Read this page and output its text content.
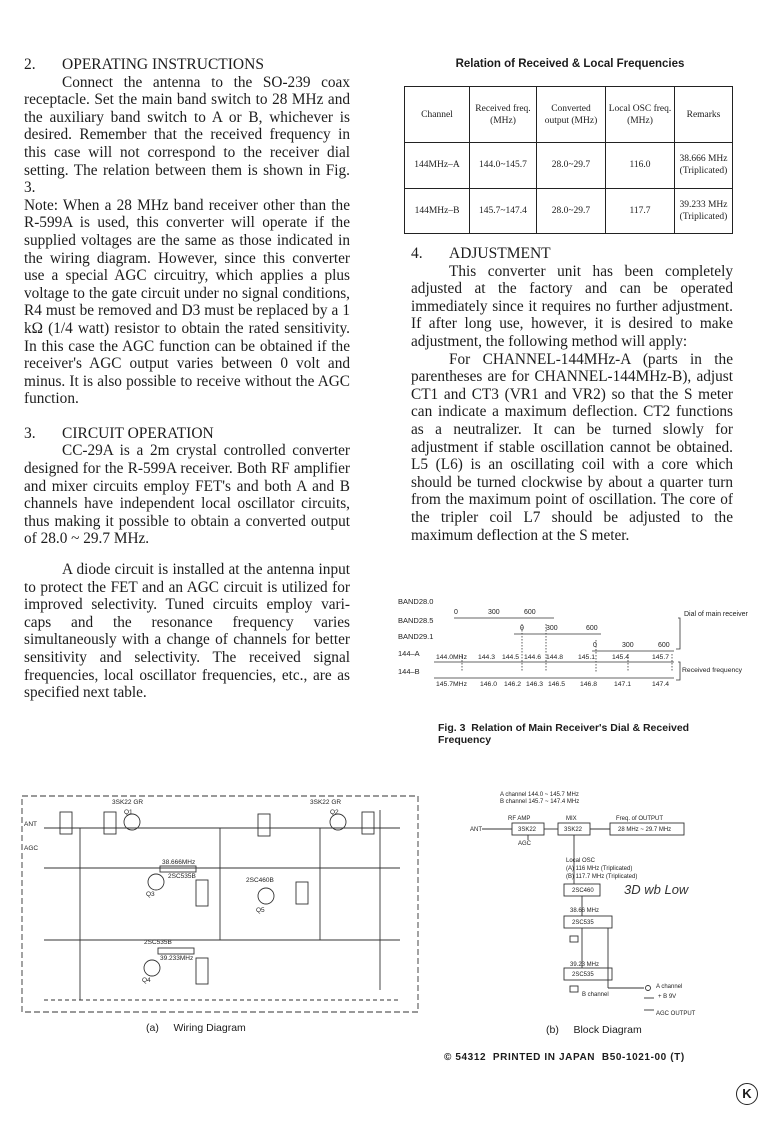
2. OPERATING INSTRUCTIONS

Connect the antenna to the SO-239 coax receptacle. Set the main band switch to 28 MHz and the auxiliary band switch to A or B, whichever is desired. Remember that the received frequency in this case will not correspond to the receiver dial setting. The relation between them is shown in Fig. 3.

Note: When a 28 MHz band receiver other than the R-599A is used, this converter will operate if the supplied voltages are the same as those indicated in the wiring diagram. However, since this converter use a special AGC circuitry, which applies a plus voltage to the gate circuit under no signal conditions, R4 must be removed and D3 must be replaced by a 1 kΩ (1/4 watt) resistor to obtain the rated sensitivity. In this case the AGC function can be obtained if the receiver's AGC output varies between 0 volt and minus. It is also possible to receive without the AGC function.

3. CIRCUIT OPERATION

CC-29A is a 2m crystal controlled converter designed for the R-599A receiver. Both RF amplifier and mixer circuits employ FET's and both A and B channels have independent local oscillator circuits, thus making it possible to obtain a converted output of 28.0 ~ 29.7 MHz.

A diode circuit is installed at the antenna input to protect the FET and an AGC circuit is utilized for improved selectivity. Tuned circuits employ vari-caps and the resonance frequency varies simultaneously with a change of channels for better sensitivity and selectivity. The received signal frequencies, local oscillator frequencies, etc., are as specified next table.

Relation of Received & Local Frequencies
Channel	Received freq. (MHz)	Converted output (MHz)	Local OSC freq. (MHz)	Remarks
144MHz–A	144.0~145.7	28.0~29.7	116.0	38.666 MHz (Triplicated)
144MHz–B	145.7~147.4	28.0~29.7	117.7	39.233 MHz (Triplicated)

4. ADJUSTMENT

This converter unit has been completely adjusted at the factory and can be operated immediately since it requires no further adjustment. If after long use, however, it is desired to make adjustment, the following method will apply:

For CHANNEL-144MHz-A (parts in the parentheses are for CHANNEL-144MHz-B), adjust CT1 and CT3 (VR1 and VR2) so that the S meter can indicate a maximum deflection. CT2 functions as a neutralizer. It can be turned slowly for adjustment if stable oscillation cannot be obtained. L5 (L6) is an oscillating coil with a core which should be turned clockwise by about a quarter turn from the maximum point of oscillation. The core of the tripler coil L7 should be adjusted to the maximum deflection at the S meter.

BAND28.0
BAND28.5
BAND29.1
144–A
144–B
0	300	600
0	300	600
0	300	600
Dial of main receiver
144.0MHz 144.3 144.5 144.6 144.8 145.1 145.4	145.7
145.7MHz 146.0 146.2 146.3 146.5 146.8 147.1	147.4
Received frequency
Fig. 3 Relation of Main Receiver's Dial & Received Frequency
3SK22 GR	3SK22 GR
2SC535B
2SC535B
2SC460B
ANT
AGC
Q1	Q2
Q3
Q4
Q5
38.666MHz
39.233MHz
(a) Wiring Diagram
A channel 144.0 ~ 145.7 MHz
B channel 145.7 ~ 147.4 MHz
ANT
RF AMP	MIX
3SK22	3SK22
AGC
Freq. of OUTPUT
28 MHz ~ 29.7 MHz
Local OSC
(A) 116 MHz (Triplicated)
(B) 117.7 MHz (Triplicated)
2SC460
38.66 MHz
2SC535
39.23 MHz
2SC535
A channel
B channel	+ B 9V
AGC OUTPUT
3D wb Low
(b) Block Diagram
© 54312  PRINTED IN JAPAN  B50-1021-00 (T)
K
